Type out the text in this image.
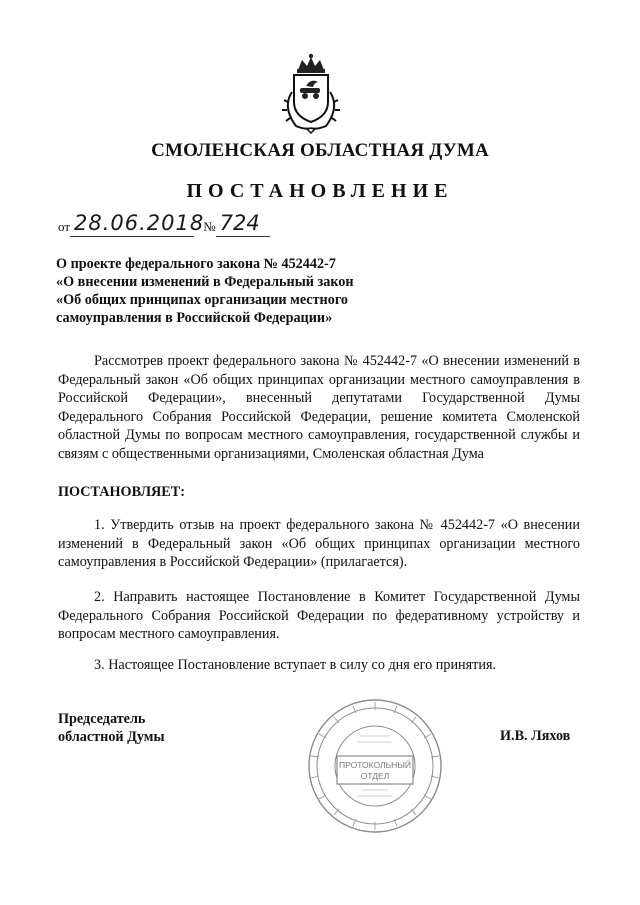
СМОЛЕНСКАЯ ОБЛАСТНАЯ ДУМА
ПОСТАНОВЛЕНИЕ
от 28.06.2018 № 724
О проекте федерального закона № 452442-7
«О внесении изменений в Федеральный закон
«Об общих принципах организации местного
самоуправления в Российской Федерации»

Рассмотрев проект федерального закона № 452442-7 «О внесении изменений в Федеральный закон «Об общих принципах организации местного самоуправления в Российской Федерации», внесенный депутатами Государственной Думы Федерального Собрания Российской Федерации, решение комитета Смоленской областной Думы по вопросам местного самоуправления, государственной службы и связям с общественными организациями, Смоленская областная Дума

ПОСТАНОВЛЯЕТ:

1. Утвердить отзыв на проект федерального закона № 452442-7 «О внесении изменений в Федеральный закон «Об общих принципах организации местного самоуправления в Российской Федерации» (прилагается).

2. Направить настоящее Постановление в Комитет Государственной Думы Федерального Собрания Российской Федерации по федеративному устройству и вопросам местного самоуправления.

3. Настоящее Постановление вступает в силу со дня его принятия.

Председатель
областной Думы	И.В. Ляхов
ПРОТОКОЛЬНЫЙ
ОТДЕЛ
